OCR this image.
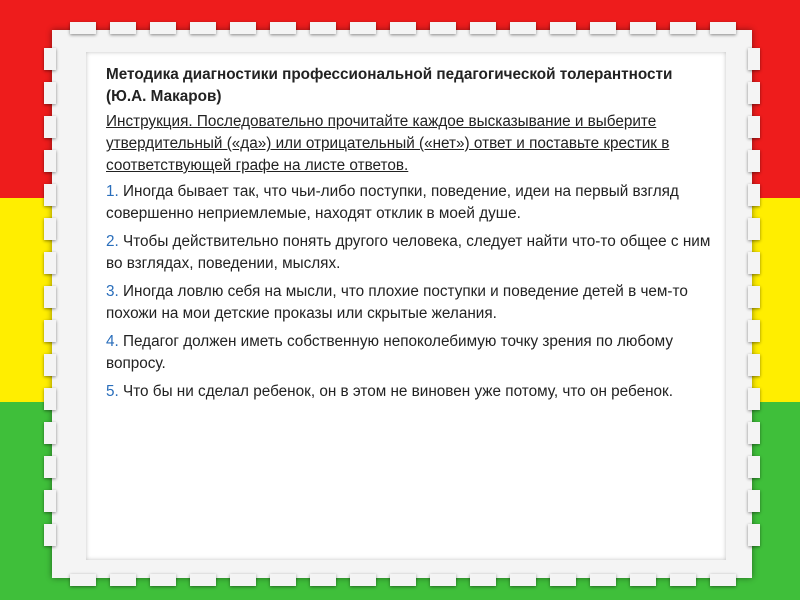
Методика диагностики профессиональной педагогической толерантности (Ю.А. Макаров)

Инструкция. Последовательно прочитайте каждое высказывание и выберите утвердительный («да») или отрицательный («нет») ответ и поставьте крестик в соответствующей графе на листе ответов.

1. Иногда бывает так, что чьи-либо поступки, поведение, идеи на первый взгляд совершенно неприемлемые, находят отклик в моей душе.

2. Чтобы действительно понять другого человека, следует найти что-то общее с ним во взглядах, поведении, мыслях.

3. Иногда ловлю себя на мысли, что плохие поступки и поведение детей в чем-то похожи на мои детские проказы или скрытые желания.

4. Педагог должен иметь собственную непоколебимую точку зрения по любому вопросу.

5. Что бы ни сделал ребенок, он в этом не виновен уже потому, что он ребенок.
